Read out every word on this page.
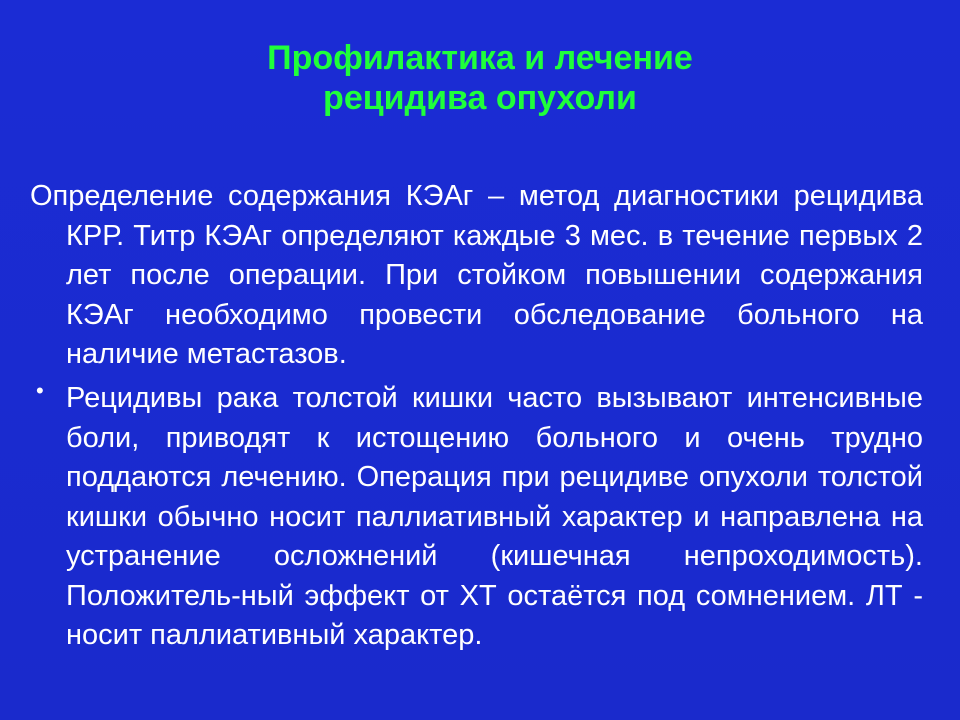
Профилактика и лечение
рецидива опухоли
Определение содержания КЭАг – метод диагностики рецидива КРР. Титр КЭАг определяют каждые 3 мес. в течение первых 2 лет после операции. При стойком повышении содержания КЭАг необходимо провести обследование больного на наличие метастазов.
• Рецидивы рака толстой кишки часто вызывают интенсивные боли, приводят к истощению больного и очень трудно поддаются лечению. Операция при рецидиве опухоли толстой кишки обычно носит паллиативный характер и направлена на устранение осложнений (кишечная непроходимость). Положитель-ный эффект от ХТ остаётся под сомнением. ЛТ - носит паллиативный характер.
